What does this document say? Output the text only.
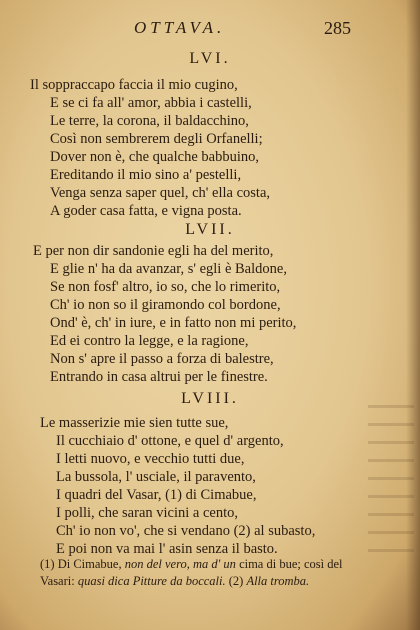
OTTAVA.	285
LVI.
Il soppraccapo faccia il mio cugino,
E se ci fa all' amor, abbia i castelli,
Le terre, la corona, il baldacchino,
Così non sembrerem degli Orfanelli;
Dover non è, che qualche babbuino,
Ereditando il mio sino a' pestelli,
Venga senza saper quel, ch' ella costa,
A goder casa fatta, e vigna posta.
LVII.
E per non dir sandonie egli ha del merito,
E glie n' ha da avanzar, s' egli è Baldone,
Se non fosf' altro, io so, che lo rimerito,
Ch' io non so il giramondo col bordone,
Ond' è, ch' in iure, e in fatto non mi perito,
Ed ei contro la legge, e la ragione,
Non s' apre il passo a forza di balestre,
Entrando in casa altrui per le finestre.
LVIII.
Le masserizie mie sien tutte sue,
Il cucchiaio d' ottone, e quel d' argento,
I letti nuovo, e vecchio tutti due,
La bussola, l' usciale, il paravento,
I quadri del Vasar, (1) di Cimabue,
I polli, che saran vicini a cento,
Ch' io non vo', che si vendano (2) al subasto,
E poi non va mai l' asin senza il basto.
(1) Di Cimabue, non del vero, ma d' un cima di bue; così del
Vasari: quasi dica Pitture da boccali. (2) Alla tromba.
